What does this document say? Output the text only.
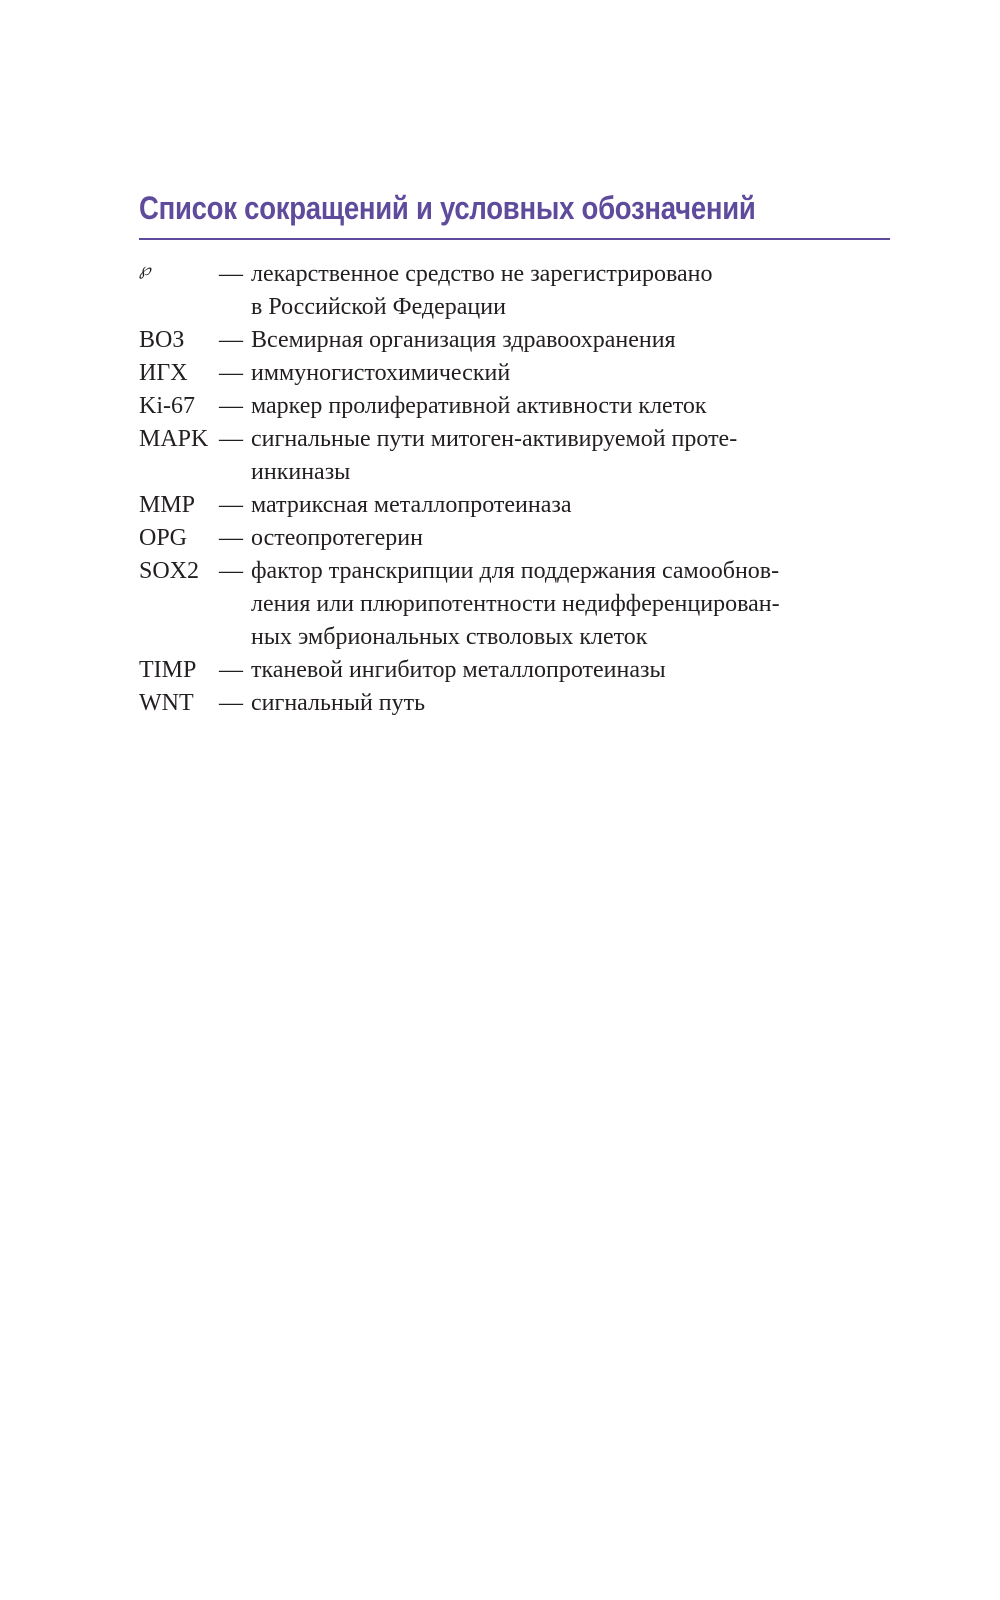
Список сокращений и условных обозначений
℘	— лекарственное средство не зарегистрировано
в Российской Федерации
ВОЗ	— Всемирная организация здравоохранения
ИГХ	— иммуногистохимический
Ki-67	— маркер пролиферативной активности клеток
MAPK — сигнальные пути митоген-активируемой проте-
инкиназы
MMP — матриксная металлопротеиназа
OPG	— остеопротегерин
SOX2 — фактор транскрипции для поддержания самообнов-
ления или плюрипотентности недифференцирован-
ных эмбриональных стволовых клеток
TIMP — тканевой ингибитор металлопротеиназы
WNT	— сигнальный путь
